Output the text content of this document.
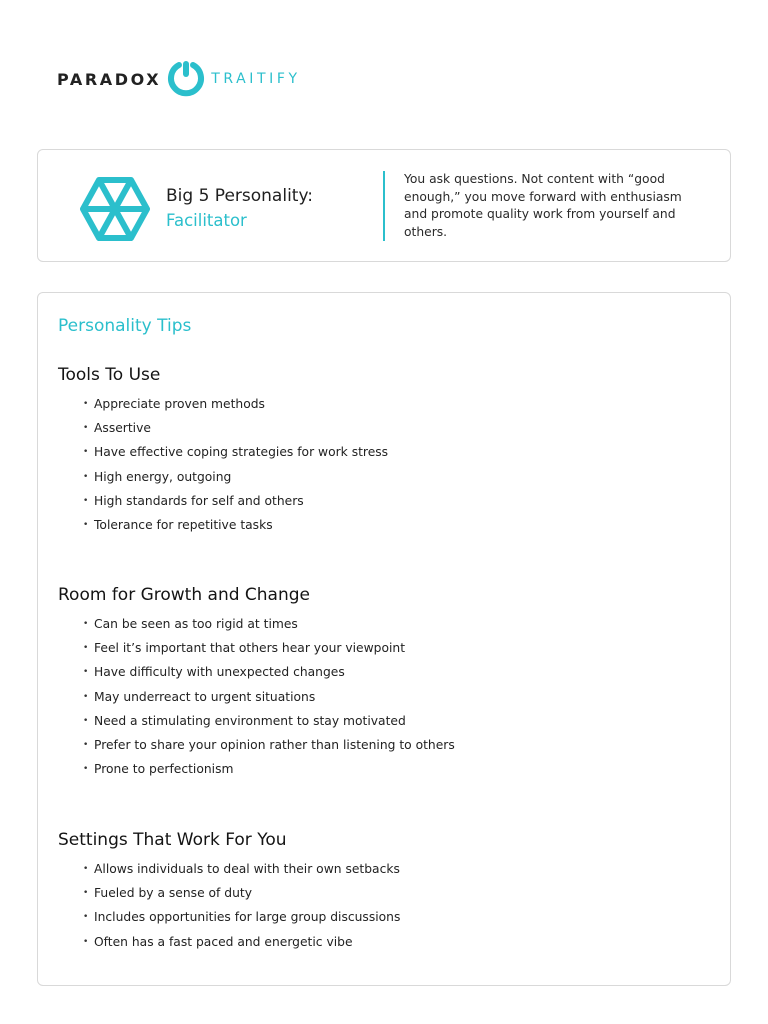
PARADOX	TRAITIFY
Big 5 Personality:
Facilitator
You ask questions. Not content with “good enough,” you move forward with enthusiasm and promote quality work from yourself and others.
Personality Tips
Tools To Use
• Appreciate proven methods
• Assertive
• Have effective coping strategies for work stress
• High energy, outgoing
• High standards for self and others
• Tolerance for repetitive tasks
Room for Growth and Change
• Can be seen as too rigid at times
• Feel it’s important that others hear your viewpoint
• Have difficulty with unexpected changes
• May underreact to urgent situations
• Need a stimulating environment to stay motivated
• Prefer to share your opinion rather than listening to others
• Prone to perfectionism
Settings That Work For You
• Allows individuals to deal with their own setbacks
• Fueled by a sense of duty
• Includes opportunities for large group discussions
• Often has a fast paced and energetic vibe
